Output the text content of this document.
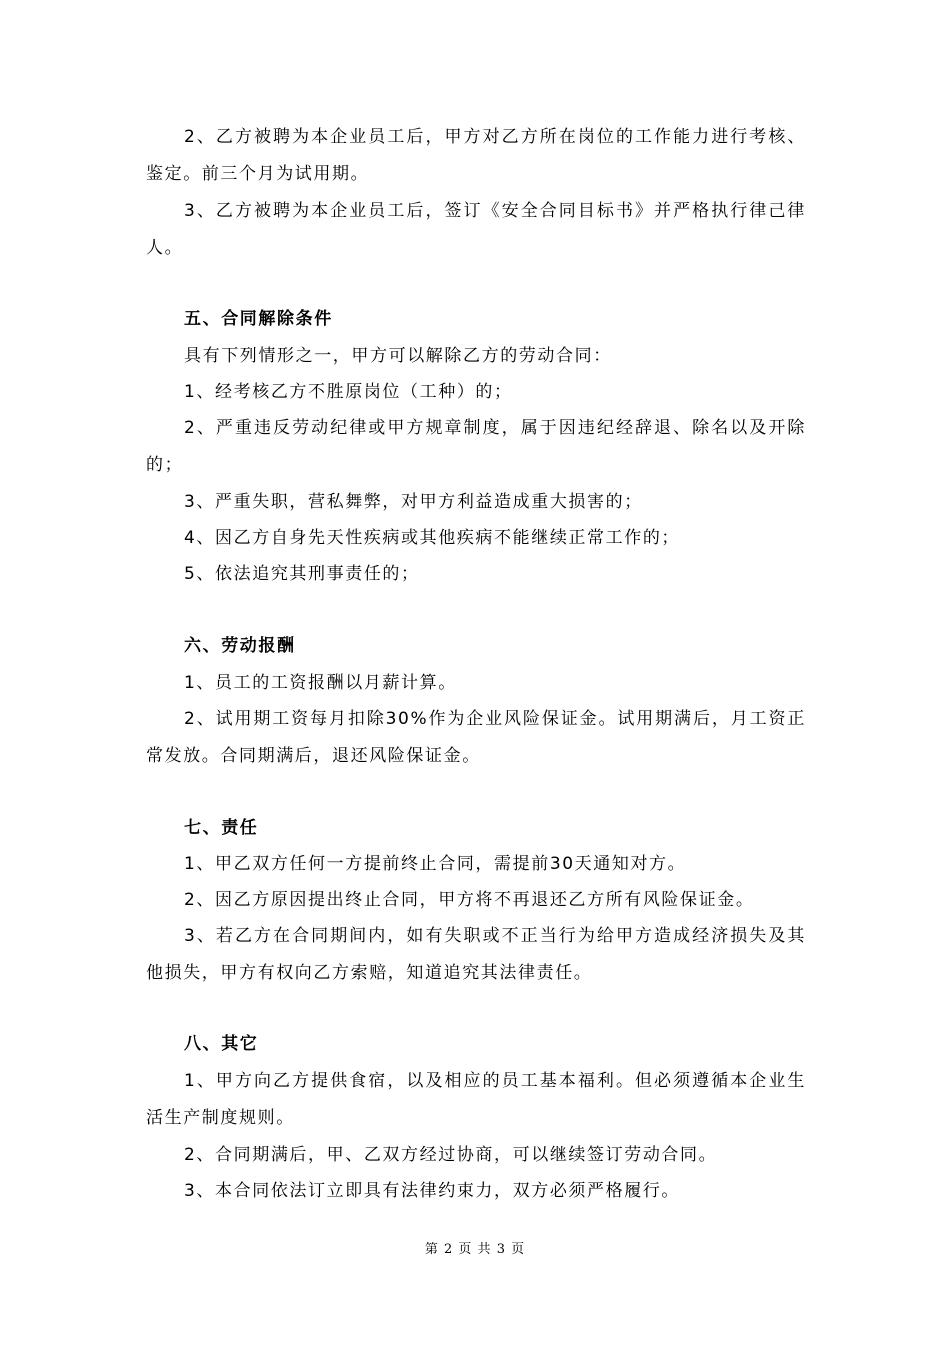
2、乙方被聘为本企业员工后，甲方对乙方所在岗位的工作能力进行考核、鉴定。前三个月为试用期。
3、乙方被聘为本企业员工后，签订《安全合同目标书》并严格执行律己律人。
五、合同解除条件
具有下列情形之一，甲方可以解除乙方的劳动合同：
1、经考核乙方不胜原岗位（工种）的；
2、严重违反劳动纪律或甲方规章制度，属于因违纪经辞退、除名以及开除的；
3、严重失职，营私舞弊，对甲方利益造成重大损害的；
4、因乙方自身先天性疾病或其他疾病不能继续正常工作的；
5、依法追究其刑事责任的；
六、劳动报酬
1、员工的工资报酬以月薪计算。
2、试用期工资每月扣除30%作为企业风险保证金。试用期满后，月工资正常发放。合同期满后，退还风险保证金。
七、责任
1、甲乙双方任何一方提前终止合同，需提前30天通知对方。
2、因乙方原因提出终止合同，甲方将不再退还乙方所有风险保证金。
3、若乙方在合同期间内，如有失职或不正当行为给甲方造成经济损失及其他损失，甲方有权向乙方索赔，知道追究其法律责任。
八、其它
1、甲方向乙方提供食宿，以及相应的员工基本福利。但必须遵循本企业生活生产制度规则。
2、合同期满后，甲、乙双方经过协商，可以继续签订劳动合同。
3、本合同依法订立即具有法律约束力，双方必须严格履行。
第 2 页 共 3 页
